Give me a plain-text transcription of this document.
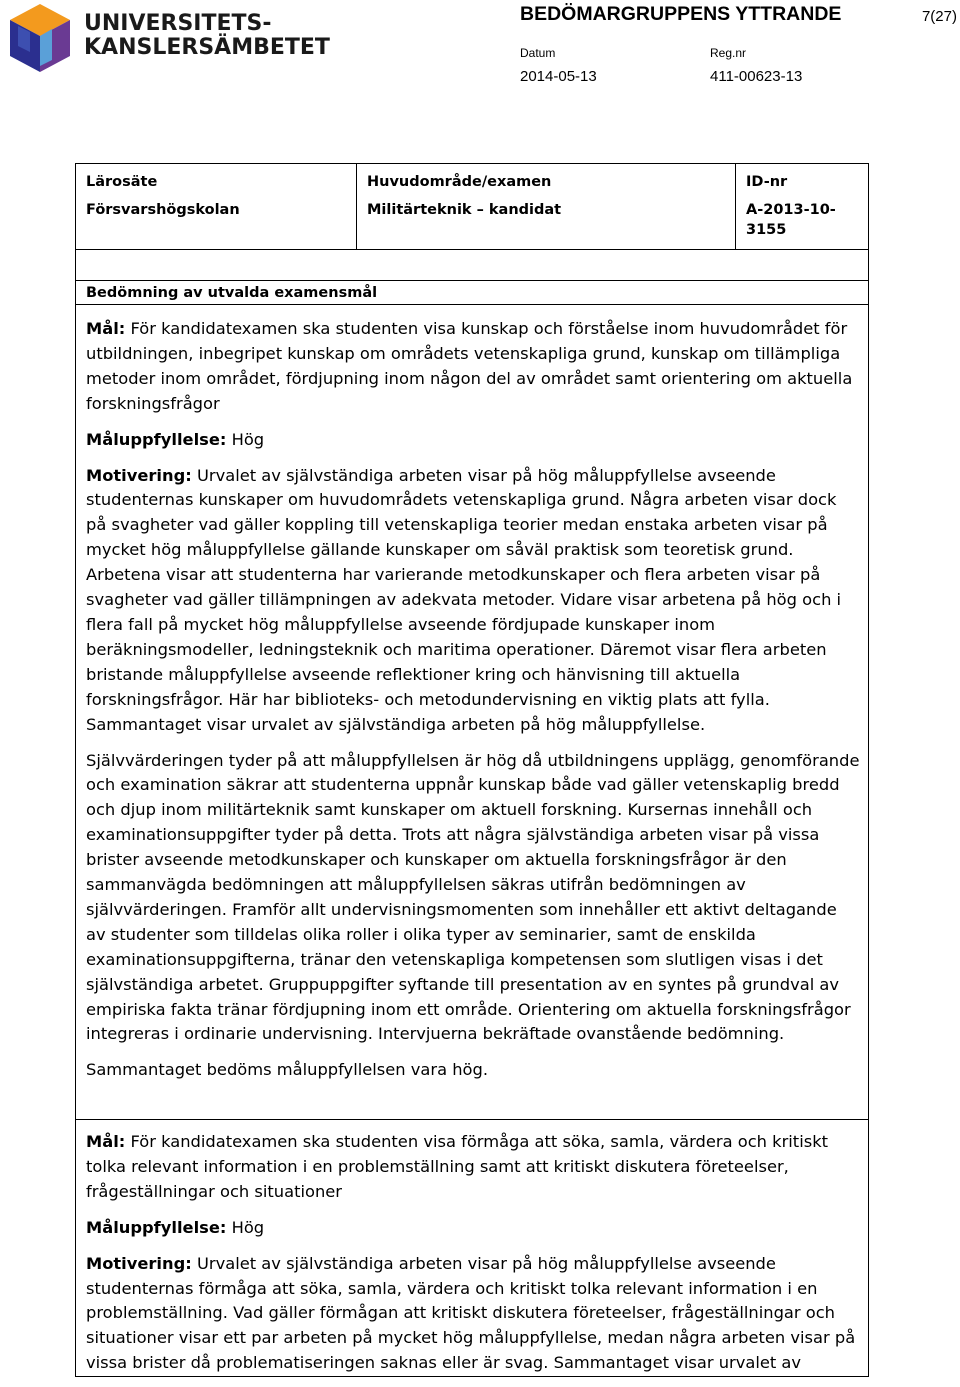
UNIVERSITETS-
KANSLERSÄMBETET
BEDÖMARGRUPPENS YTTRANDE	7(27)
Datum
2014-05-13
Reg.nr
411-00623-13
Lärosäte
Försvarshögskolan
Huvudområde/examen
Militärteknik – kandidat
ID-nr
A-2013-10-
3155
Bedömning av utvalda examensmål

Mål: För kandidatexamen ska studenten visa kunskap och förståelse inom huvudområdet för utbildningen, inbegripet kunskap om områdets vetenskapliga grund, kunskap om tillämpliga metoder inom området, fördjupning inom någon del av området samt orientering om aktuella forskningsfrågor

Måluppfyllelse: Hög

Motivering: Urvalet av självständiga arbeten visar på hög måluppfyllelse avseende studenternas kunskaper om huvudområdets vetenskapliga grund. Några arbeten visar dock på svagheter vad gäller koppling till vetenskapliga teorier medan enstaka arbeten visar på mycket hög måluppfyllelse gällande kunskaper om såväl praktisk som teoretisk grund. Arbetena visar att studenterna har varierande metodkunskaper och flera arbeten visar på svagheter vad gäller tillämpningen av adekvata metoder. Vidare visar arbetena på hög och i flera fall på mycket hög måluppfyllelse avseende fördjupade kunskaper inom beräkningsmodeller, ledningsteknik och maritima operationer. Däremot visar flera arbeten bristande måluppfyllelse avseende reflektioner kring och hänvisning till aktuella forskningsfrågor. Här har biblioteks- och metodundervisning en viktig plats att fylla. Sammantaget visar urvalet av självständiga arbeten på hög måluppfyllelse.

Självvärderingen tyder på att måluppfyllelsen är hög då utbildningens upplägg, genomförande och examination säkrar att studenterna uppnår kunskap både vad gäller vetenskaplig bredd och djup inom militärteknik samt kunskaper om aktuell forskning. Kursernas innehåll och examinationsuppgifter tyder på detta. Trots att några självständiga arbeten visar på vissa brister avseende metodkunskaper och kunskaper om aktuella forskningsfrågor är den sammanvägda bedömningen att måluppfyllelsen säkras utifrån bedömningen av självvärderingen. Framför allt undervisningsmomenten som innehåller ett aktivt deltagande av studenter som tilldelas olika roller i olika typer av seminarier, samt de enskilda examinationsuppgifterna, tränar den vetenskapliga kompetensen som slutligen visas i det självständiga arbetet. Gruppuppgifter syftande till presentation av en syntes på grundval av empiriska fakta tränar fördjupning inom ett område. Orientering om aktuella forskningsfrågor integreras i ordinarie undervisning. Intervjuerna bekräftade ovanstående bedömning.

Sammantaget bedöms måluppfyllelsen vara hög.

Mål: För kandidatexamen ska studenten visa förmåga att söka, samla, värdera och kritiskt tolka relevant information i en problemställning samt att kritiskt diskutera företeelser, frågeställningar och situationer

Måluppfyllelse: Hög

Motivering: Urvalet av självständiga arbeten visar på hög måluppfyllelse avseende studenternas förmåga att söka, samla, värdera och kritiskt tolka relevant information i en problemställning. Vad gäller förmågan att kritiskt diskutera företeelser, frågeställningar och situationer visar ett par arbeten på mycket hög måluppfyllelse, medan några arbeten visar på vissa brister då problematiseringen saknas eller är svag. Sammantaget visar urvalet av
